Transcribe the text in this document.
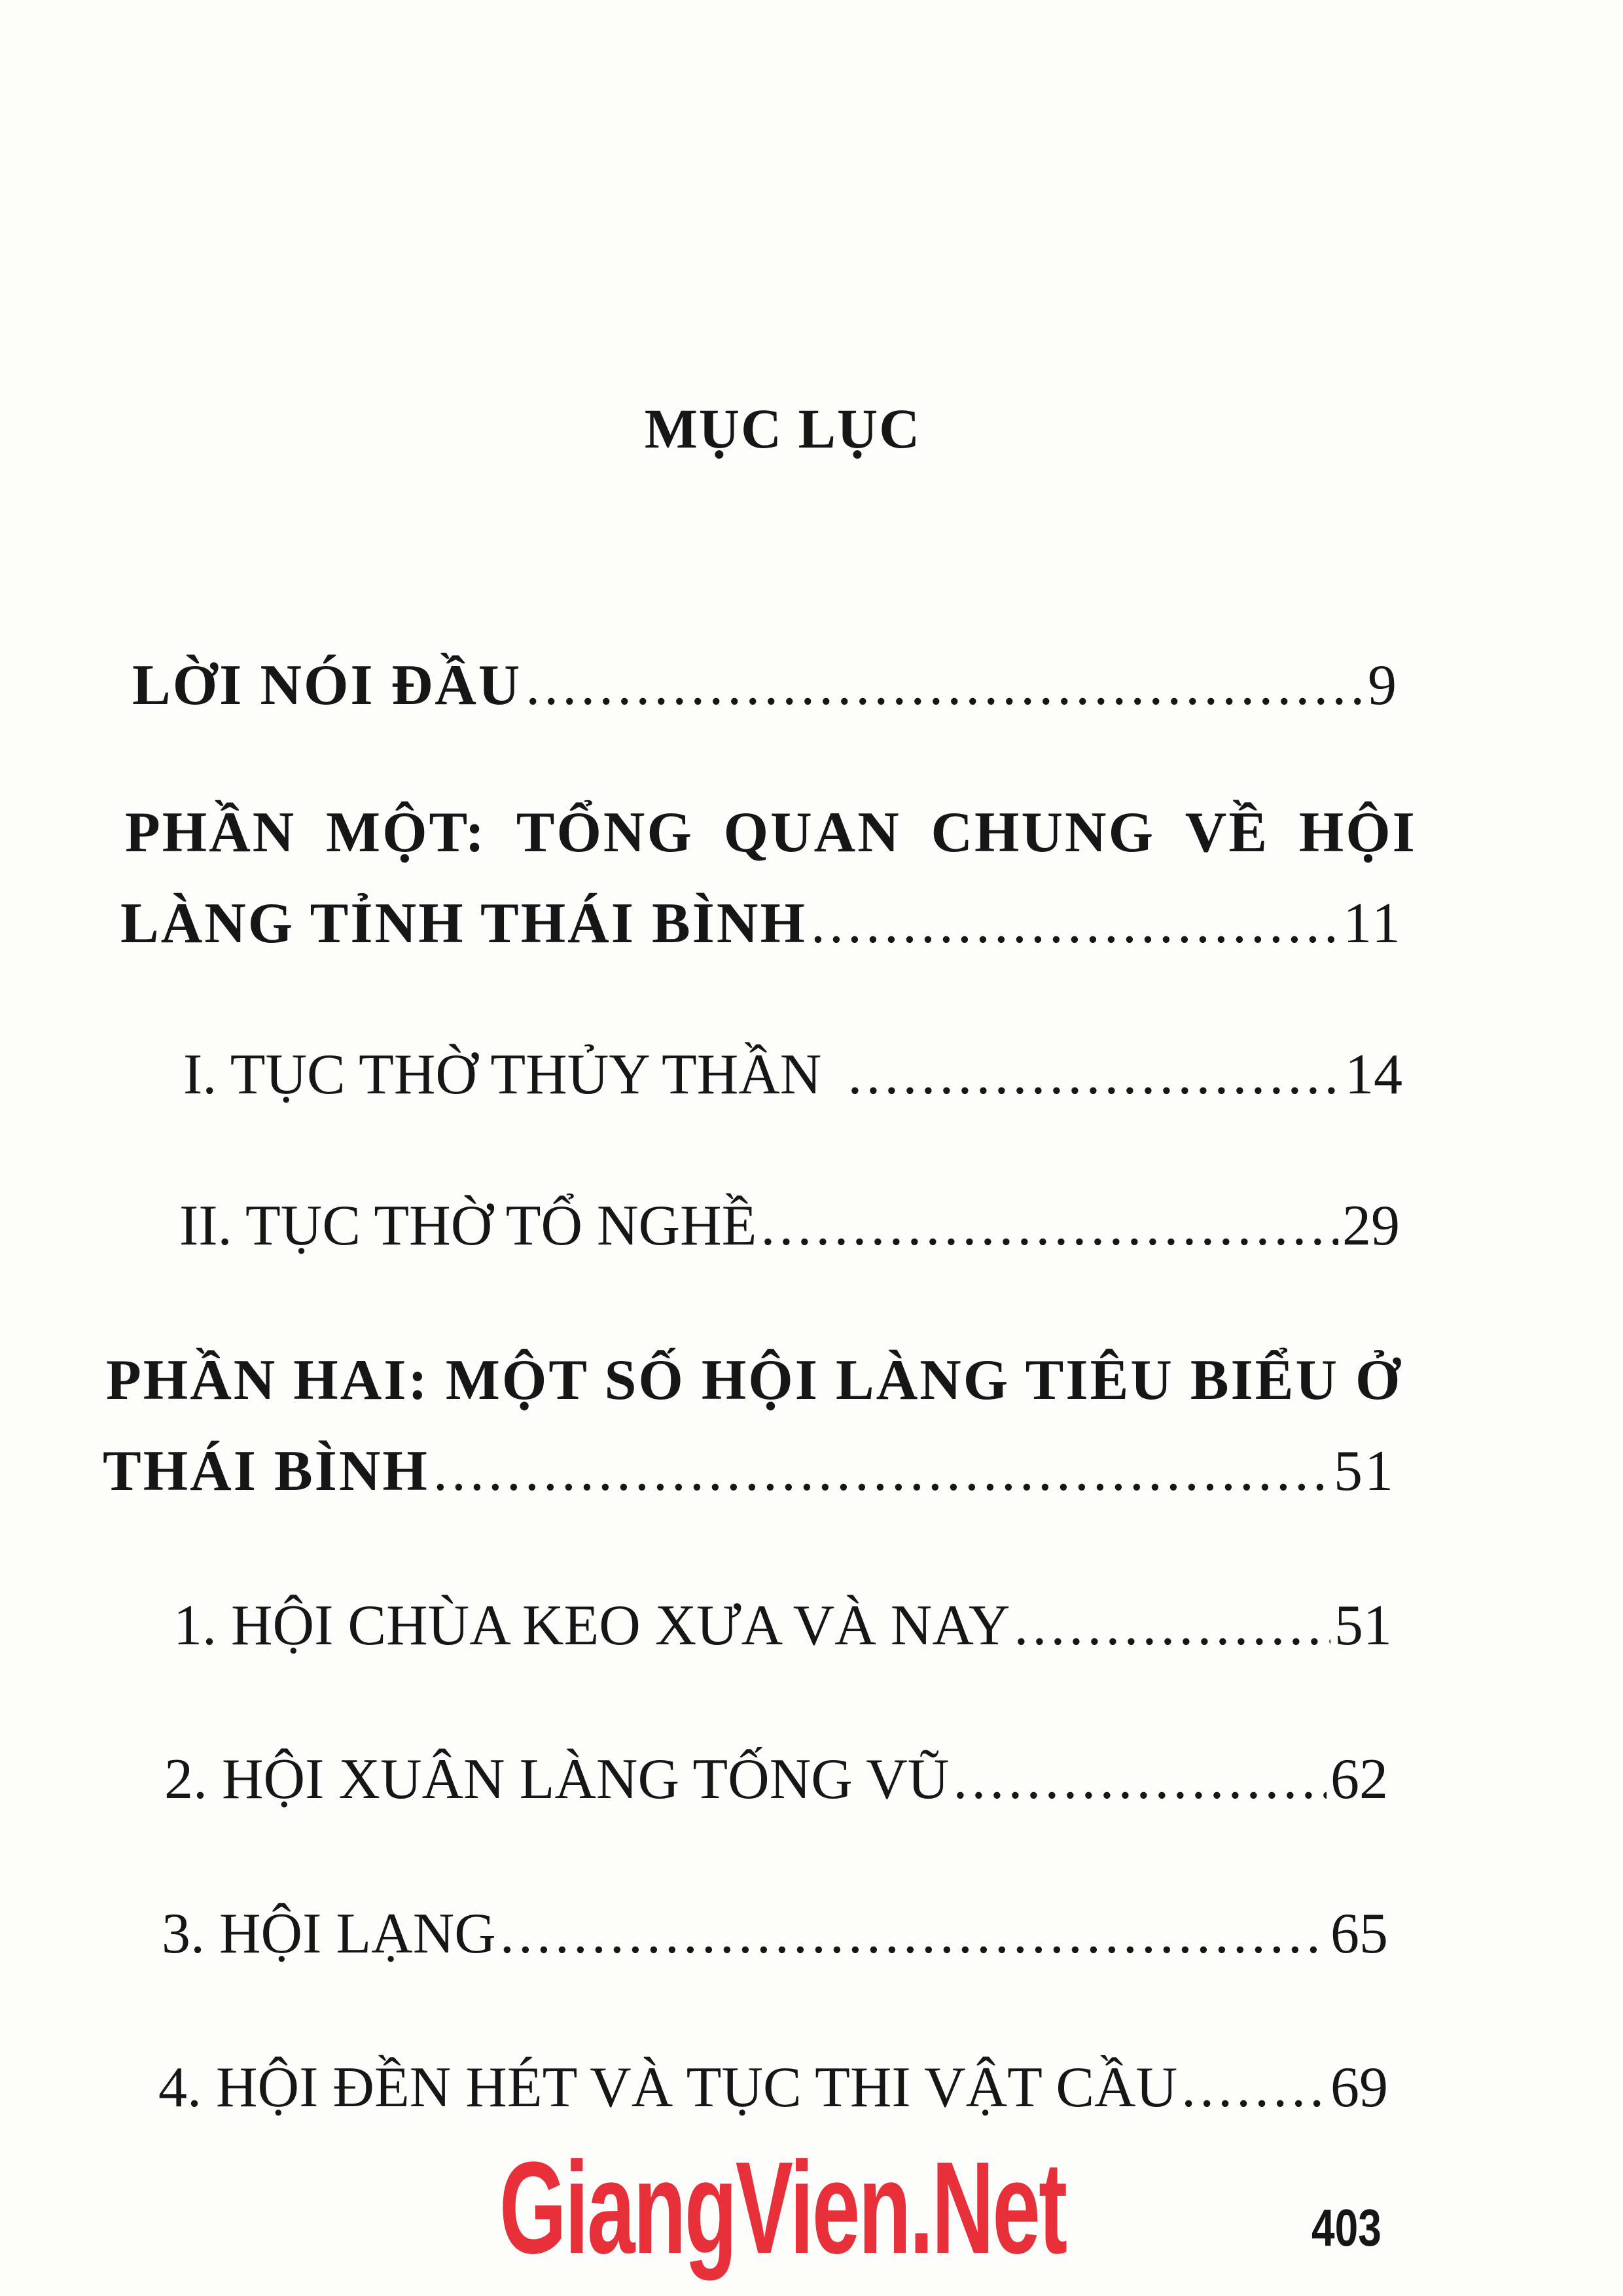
MỤC LỤC
LỜI NÓI ĐẦU .....	9
PHẦN MỘT: TỔNG QUAN CHUNG VỀ HỘI
LÀNG TỈNH THÁI BÌNH .....	11
I. TỤC THỜ THỦY THẦN .....	14
II. TỤC THỜ TỔ NGHỀ .....	29
PHẦN HAI: MỘT SỐ HỘI LÀNG TIÊU BIỂU Ở
THÁI BÌNH .....	51
1. HỘI CHÙA KEO XƯA VÀ NAY .....	51
2. HỘI XUÂN LÀNG TỐNG VŨ .....	62
3. HỘI LẠNG .....	65
4. HỘI ĐỀN HÉT VÀ TỤC THI VẬT CẦU .....	69
GiangVien.Net	403
